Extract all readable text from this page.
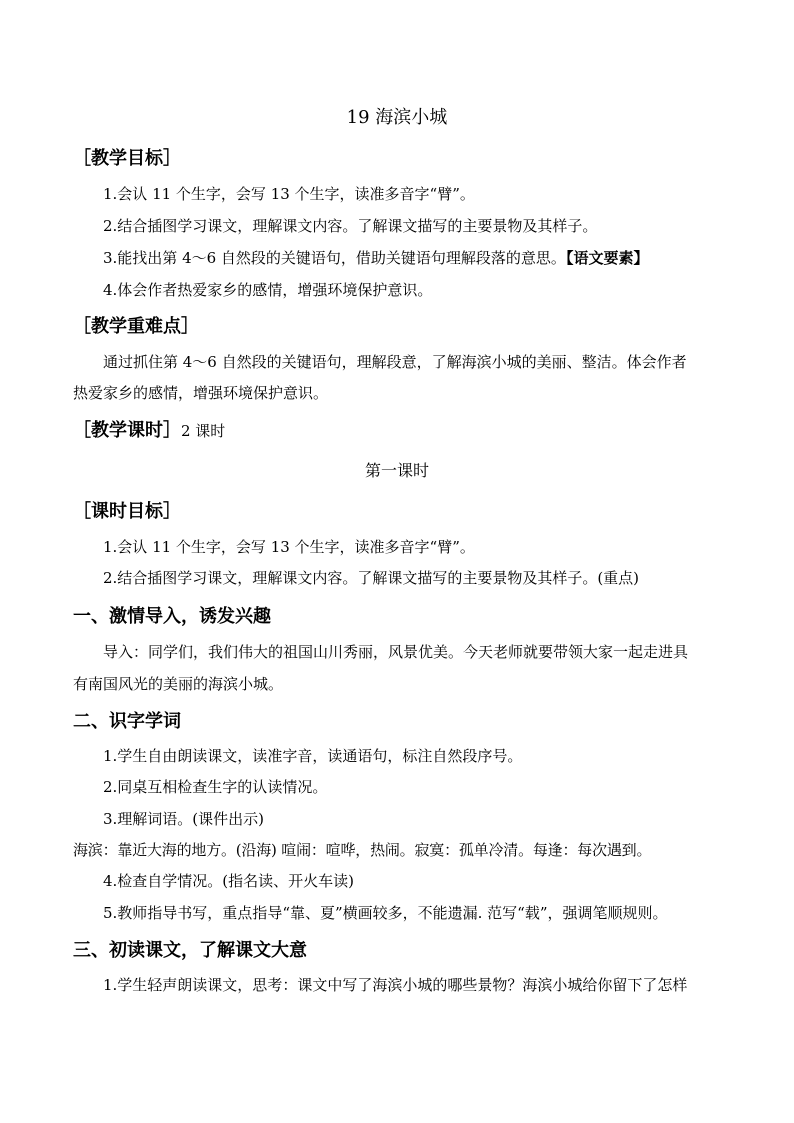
19 海滨小城
［教学目标］
1.会认 11 个生字，会写 13 个生字，读准多音字“臂”。
2.结合插图学习课文，理解课文内容。了解课文描写的主要景物及其样子。
3.能找出第 4～6 自然段的关键语句，借助关键语句理解段落的意思。【语文要素】
4.体会作者热爱家乡的感情，增强环境保护意识。
［教学重难点］
通过抓住第 4～6 自然段的关键语句，理解段意，了解海滨小城的美丽、整洁。体会作者
热爱家乡的感情，增强环境保护意识。
［教学课时］2 课时
第一课时
［课时目标］
1.会认 11 个生字，会写 13 个生字，读准多音字“臂”。
2.结合插图学习课文，理解课文内容。了解课文描写的主要景物及其样子。(重点)
一、激情导入，诱发兴趣
导入：同学们，我们伟大的祖国山川秀丽，风景优美。今天老师就要带领大家一起走进具
有南国风光的美丽的海滨小城。
二、识字学词
1.学生自由朗读课文，读准字音，读通语句，标注自然段序号。
2.同桌互相检查生字的认读情况。
3.理解词语。(课件出示)
海滨：靠近大海的地方。(沿海) 喧闹：喧哗，热闹。寂寞：孤单冷清。每逢：每次遇到。
4.检查自学情况。(指名读、开火车读)
5.教师指导书写，重点指导“靠、夏”横画较多，不能遗漏. 范写“载”，强调笔顺规则。
三、初读课文，了解课文大意
1.学生轻声朗读课文，思考：课文中写了海滨小城的哪些景物？海滨小城给你留下了怎样
